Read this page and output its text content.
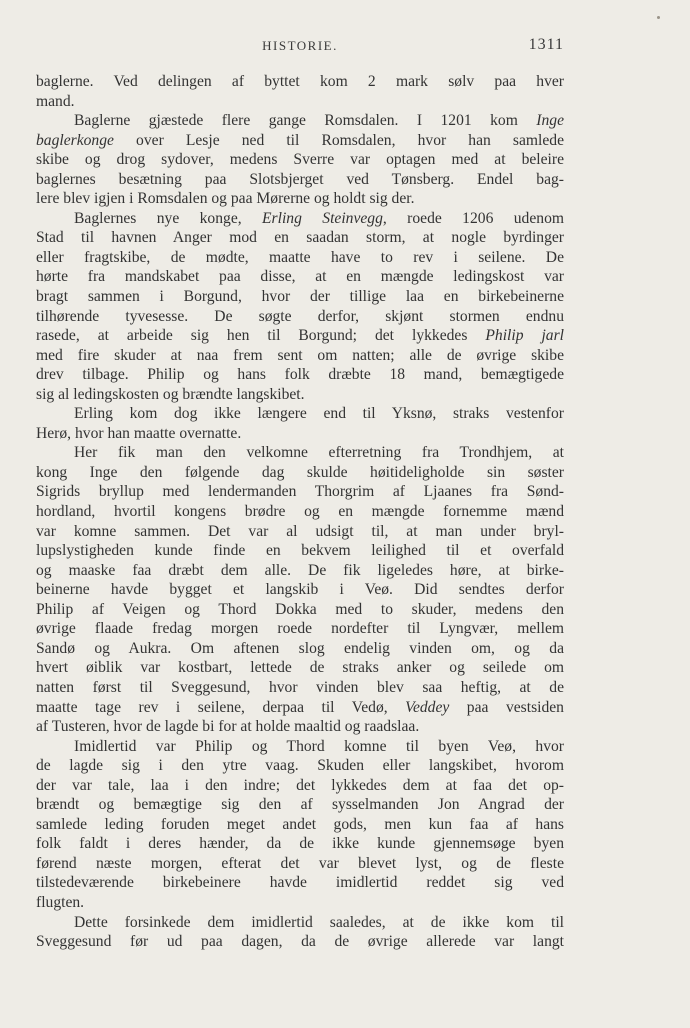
HISTORIE.	1311
baglerne. Ved delingen af byttet kom 2 mark sølv paa hver
mand.
Baglerne gjæstede flere gange Romsdalen. I 1201 kom Inge
baglerkonge over Lesje ned til Romsdalen, hvor han samlede
skibe og drog sydover, medens Sverre var optagen med at beleire
baglernes besætning paa Slotsbjerget ved Tønsberg. Endel bag-
lere blev igjen i Romsdalen og paa Mørerne og holdt sig der.
Baglernes nye konge, Erling Steinvegg, roede 1206 udenom
Stad til havnen Anger mod en saadan storm, at nogle byrdinger
eller fragtskibe, de mødte, maatte have to rev i seilene. De
hørte fra mandskabet paa disse, at en mængde ledingskost var
bragt sammen i Borgund, hvor der tillige laa en birkebeinerne
tilhørende tyvesesse. De søgte derfor, skjønt stormen endnu
rasede, at arbeide sig hen til Borgund; det lykkedes Philip jarl
med fire skuder at naa frem sent om natten; alle de øvrige skibe
drev tilbage. Philip og hans folk dræbte 18 mand, bemægtigede
sig al ledingskosten og brændte langskibet.
Erling kom dog ikke længere end til Yksnø, straks vestenfor
Herø, hvor han maatte overnatte.
Her fik man den velkomne efterretning fra Trondhjem, at
kong Inge den følgende dag skulde høitideligholde sin søster
Sigrids bryllup med lendermanden Thorgrim af Ljaanes fra Sønd-
hordland, hvortil kongens brødre og en mængde fornemme mænd
var komne sammen. Det var al udsigt til, at man under bryl-
lupslystigheden kunde finde en bekvem leilighed til et overfald
og maaske faa dræbt dem alle. De fik ligeledes høre, at birke-
beinerne havde bygget et langskib i Veø. Did sendtes derfor
Philip af Veigen og Thord Dokka med to skuder, medens den
øvrige flaade fredag morgen roede nordefter til Lyngvær, mellem
Sandø og Aukra. Om aftenen slog endelig vinden om, og da
hvert øiblik var kostbart, lettede de straks anker og seilede om
natten først til Sveggesund, hvor vinden blev saa heftig, at de
maatte tage rev i seilene, derpaa til Vedø, Veddey paa vestsiden
af Tusteren, hvor de lagde bi for at holde maaltid og raadslaa.
Imidlertid var Philip og Thord komne til byen Veø, hvor
de lagde sig i den ytre vaag. Skuden eller langskibet, hvorom
der var tale, laa i den indre; det lykkedes dem at faa det op-
brændt og bemægtige sig den af sysselmanden Jon Angrad der
samlede leding foruden meget andet gods, men kun faa af hans
folk faldt i deres hænder, da de ikke kunde gjennemsøge byen
førend næste morgen, efterat det var blevet lyst, og de fleste
tilstedeværende birkebeinere havde imidlertid reddet sig ved
flugten.
Dette forsinkede dem imidlertid saaledes, at de ikke kom til
Sveggesund før ud paa dagen, da de øvrige allerede var langt
